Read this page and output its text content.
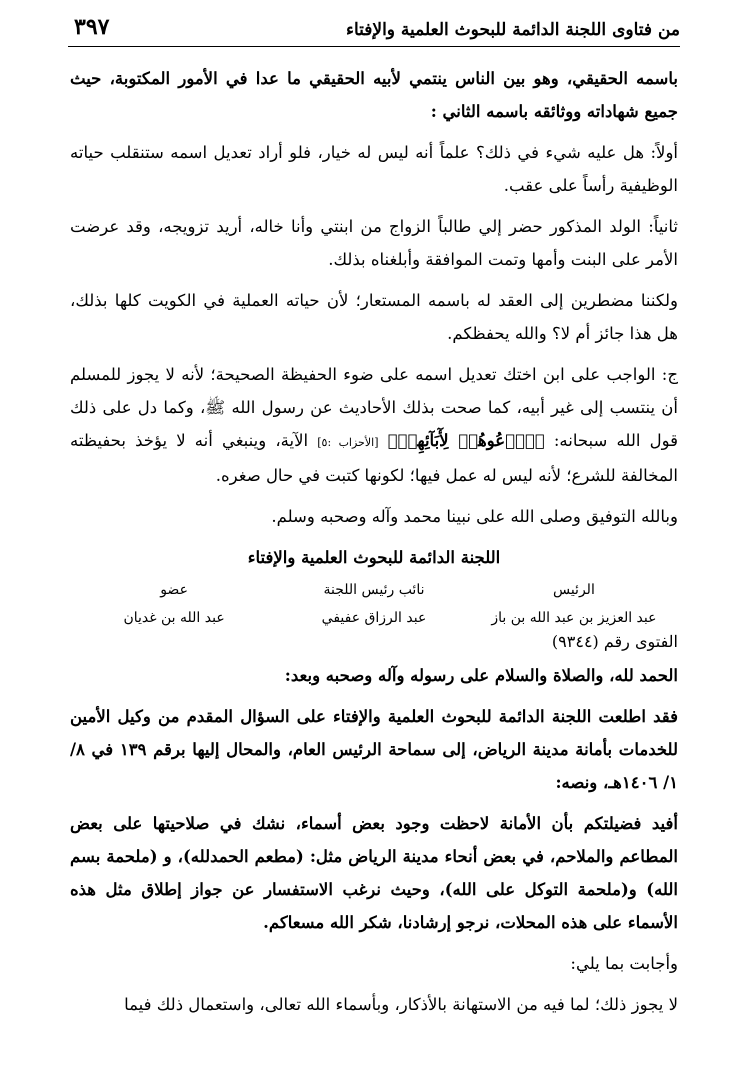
من فتاوى اللجنة الدائمة للبحوث العلمية والإفتاء
٣٩٧

باسمه الحقيقي، وهو بين الناس ينتمي لأبيه الحقيقي ما عدا في الأمور المكتوبة، حيث جميع شهاداته ووثائقه باسمه الثاني :

أولاً: هل عليه شيء في ذلك؟ علماً أنه ليس له خيار، فلو أراد تعديل اسمه ستنقلب حياته الوظيفية رأساً على عقب.

ثانياً: الولد المذكور حضر إلي طالباً الزواج من ابنتي وأنا خاله، أريد تزويجه، وقد عرضت الأمر على البنت وأمها وتمت الموافقة وأبلغناه بذلك.

ولكننا مضطرين إلى العقد له باسمه المستعار؛ لأن حياته العملية في الكويت كلها بذلك، هل هذا جائز أم لا؟ والله يحفظكم.

ج: الواجب على ابن اختك تعديل اسمه على ضوء الحفيظة الصحيحة؛ لأنه لا يجوز للمسلم أن ينتسب إلى غير أبيه، كما صحت بذلك الأحاديث عن رسول الله ﷺ، وكما دل على ذلك قول الله سبحانه: ﴿ٱدۡعُوهُمۡ لِأٓبَآئِهِمۡ﴾ [الأحزاب :٥] الآية، وينبغي أنه لا يؤخذ بحفيظته المخالفة للشرع؛ لأنه ليس له عمل فيها؛ لكونها كتبت في حال صغره.

وبالله التوفيق وصلى الله على نبينا محمد وآله وصحبه وسلم.

اللجنة الدائمة للبحوث العلمية والإفتاء

الرئيس
عبد العزيز بن عبد الله بن باز
نائب رئيس اللجنة
عبد الرزاق عفيفي
عضو
عبد الله بن غديان

الفتوى رقم (٩٣٤٤)

الحمد لله، والصلاة والسلام على رسوله وآله وصحبه وبعد:

فقد اطلعت اللجنة الدائمة للبحوث العلمية والإفتاء على السؤال المقدم من وكيل الأمين للخدمات بأمانة مدينة الرياض، إلى سماحة الرئيس العام، والمحال إليها برقم ١٣٩ في ٨/ ١/ ١٤٠٦هـ، ونصه:

أفيد فضيلتكم بأن الأمانة لاحظت وجود بعض أسماء، نشك في صلاحيتها على بعض المطاعم والملاحم، في بعض أنحاء مدينة الرياض مثل: (مطعم الحمدلله)، و (ملحمة بسم الله) و(ملحمة التوكل على الله)، وحيث نرغب الاستفسار عن جواز إطلاق مثل هذه الأسماء على هذه المحلات، نرجو إرشادنا، شكر الله مسعاكم.

وأجابت بما يلي:

لا يجوز ذلك؛ لما فيه من الاستهانة بالأذكار، وبأسماء الله تعالى، واستعمال ذلك فيما
